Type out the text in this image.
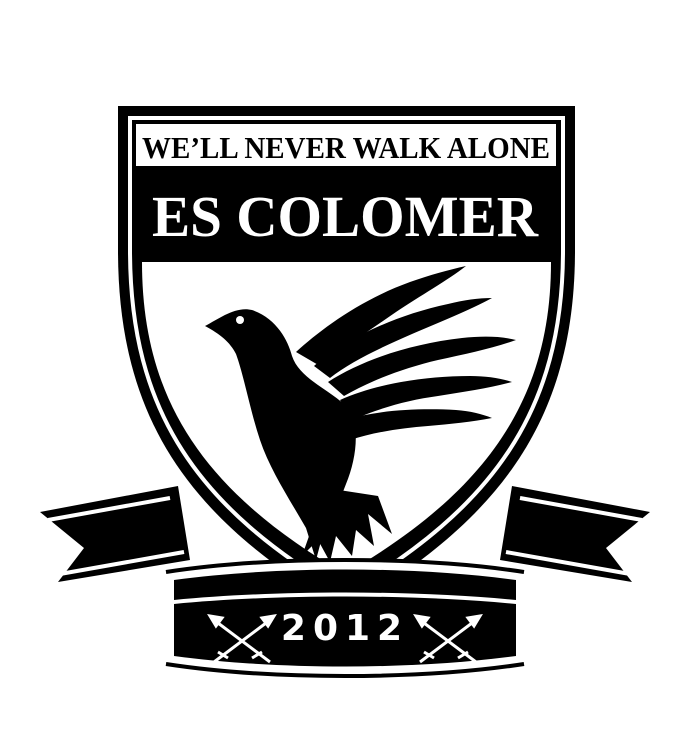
WE’LL NEVER WALK ALONE
ES COLOMER
2012
